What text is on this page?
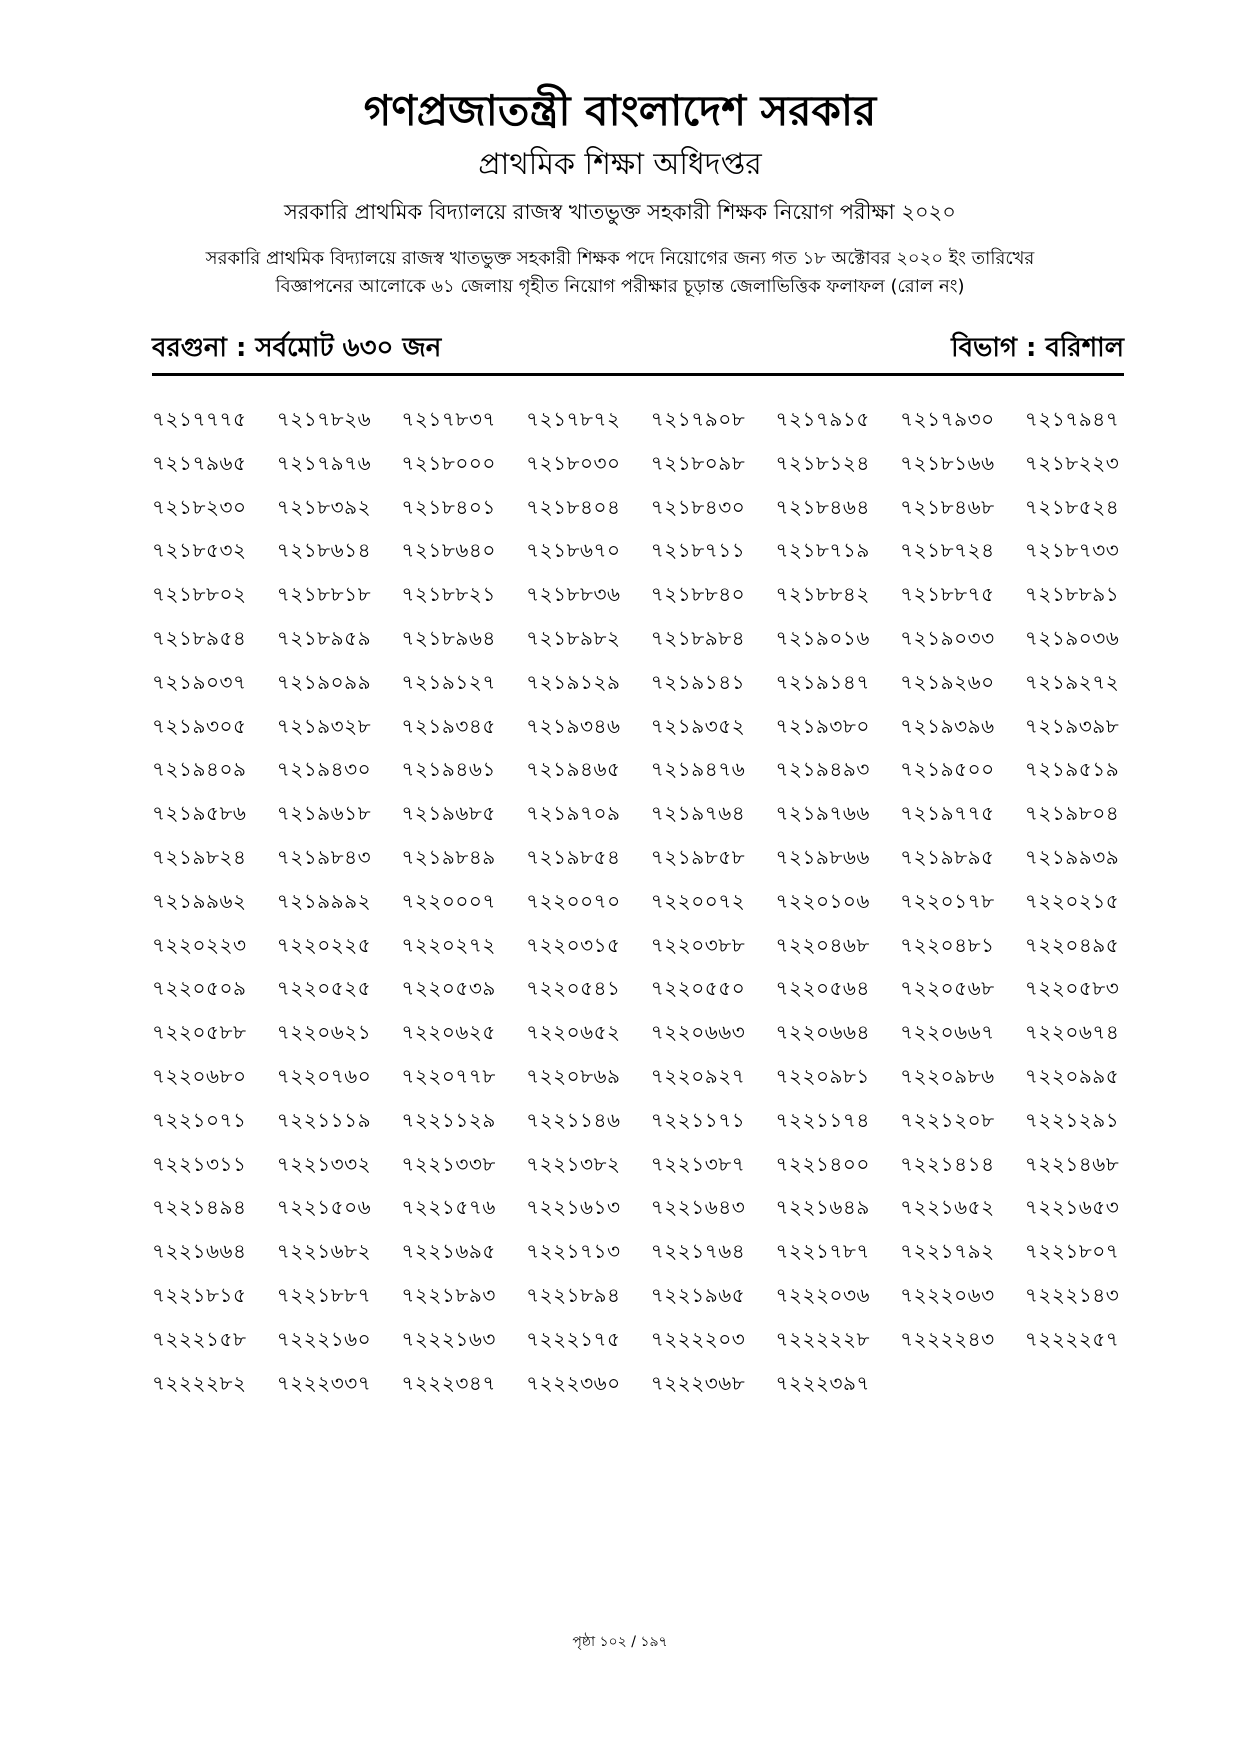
গণপ্রজাতন্ত্রী বাংলাদেশ সরকার
প্রাথমিক শিক্ষা অধিদপ্তর
সরকারি প্রাথমিক বিদ্যালয়ে রাজস্ব খাতভুক্ত সহকারী শিক্ষক নিয়োগ পরীক্ষা ২০২০
সরকারি প্রাথমিক বিদ্যালয়ে রাজস্ব খাতভুক্ত সহকারী শিক্ষক পদে নিয়োগের জন্য গত ১৮ অক্টোবর ২০২০ ইং তারিখের
বিজ্ঞাপনের আলোকে ৬১ জেলায় গৃহীত নিয়োগ পরীক্ষার চূড়ান্ত জেলাভিত্তিক ফলাফল (রোল নং)
বরগুনা : সর্বমোট ৬৩০ জন	বিভাগ : বরিশাল
৭২১৭৭৭৫	৭২১৭৮২৬	৭২১৭৮৩৭	৭২১৭৮৭২	৭২১৭৯০৮	৭২১৭৯১৫	৭২১৭৯৩০	৭২১৭৯৪৭
৭২১৭৯৬৫	৭২১৭৯৭৬	৭২১৮০০০	৭২১৮০৩০	৭২১৮০৯৮	৭২১৮১২৪	৭২১৮১৬৬	৭২১৮২২৩
৭২১৮২৩০	৭২১৮৩৯২	৭২১৮৪০১	৭২১৮৪০৪	৭২১৮৪৩০	৭২১৮৪৬৪	৭২১৮৪৬৮	৭২১৮৫২৪
৭২১৮৫৩২	৭২১৮৬১৪	৭২১৮৬৪০	৭২১৮৬৭০	৭২১৮৭১১	৭২১৮৭১৯	৭২১৮৭২৪	৭২১৮৭৩৩
৭২১৮৮০২	৭২১৮৮১৮	৭২১৮৮২১	৭২১৮৮৩৬	৭২১৮৮৪০	৭২১৮৮৪২	৭২১৮৮৭৫	৭২১৮৮৯১
৭২১৮৯৫৪	৭২১৮৯৫৯	৭২১৮৯৬৪	৭২১৮৯৮২	৭২১৮৯৮৪	৭২১৯০১৬	৭২১৯০৩৩	৭২১৯০৩৬
৭২১৯০৩৭	৭২১৯০৯৯	৭২১৯১২৭	৭২১৯১২৯	৭২১৯১৪১	৭২১৯১৪৭	৭২১৯২৬০	৭২১৯২৭২
৭২১৯৩০৫	৭২১৯৩২৮	৭২১৯৩৪৫	৭২১৯৩৪৬	৭২১৯৩৫২	৭২১৯৩৮০	৭২১৯৩৯৬	৭২১৯৩৯৮
৭২১৯৪০৯	৭২১৯৪৩০	৭২১৯৪৬১	৭২১৯৪৬৫	৭২১৯৪৭৬	৭২১৯৪৯৩	৭২১৯৫০০	৭২১৯৫১৯
৭২১৯৫৮৬	৭২১৯৬১৮	৭২১৯৬৮৫	৭২১৯৭০৯	৭২১৯৭৬৪	৭২১৯৭৬৬	৭২১৯৭৭৫	৭২১৯৮০৪
৭২১৯৮২৪	৭২১৯৮৪৩	৭২১৯৮৪৯	৭২১৯৮৫৪	৭২১৯৮৫৮	৭২১৯৮৬৬	৭২১৯৮৯৫	৭২১৯৯৩৯
৭২১৯৯৬২	৭২১৯৯৯২	৭২২০০০৭	৭২২০০৭০	৭২২০০৭২	৭২২০১০৬	৭২২০১৭৮	৭২২০২১৫
৭২২০২২৩	৭২২০২২৫	৭২২০২৭২	৭২২০৩১৫	৭২২০৩৮৮	৭২২০৪৬৮	৭২২০৪৮১	৭২২০৪৯৫
৭২২০৫০৯	৭২২০৫২৫	৭২২০৫৩৯	৭২২০৫৪১	৭২২০৫৫০	৭২২০৫৬৪	৭২২০৫৬৮	৭২২০৫৮৩
৭২২০৫৮৮	৭২২০৬২১	৭২২০৬২৫	৭২২০৬৫২	৭২২০৬৬৩	৭২২০৬৬৪	৭২২০৬৬৭	৭২২০৬৭৪
৭২২০৬৮০	৭২২০৭৬০	৭২২০৭৭৮	৭২২০৮৬৯	৭২২০৯২৭	৭২২০৯৮১	৭২২০৯৮৬	৭২২০৯৯৫
৭২২১০৭১	৭২২১১১৯	৭২২১১২৯	৭২২১১৪৬	৭২২১১৭১	৭২২১১৭৪	৭২২১২০৮	৭২২১২৯১
৭২২১৩১১	৭২২১৩৩২	৭২২১৩৩৮	৭২২১৩৮২	৭২২১৩৮৭	৭২২১৪০০	৭২২১৪১৪	৭২২১৪৬৮
৭২২১৪৯৪	৭২২১৫০৬	৭২২১৫৭৬	৭২২১৬১৩	৭২২১৬৪৩	৭২২১৬৪৯	৭২২১৬৫২	৭২২১৬৫৩
৭২২১৬৬৪	৭২২১৬৮২	৭২২১৬৯৫	৭২২১৭১৩	৭২২১৭৬৪	৭২২১৭৮৭	৭২২১৭৯২	৭২২১৮০৭
৭২২১৮১৫	৭২২১৮৮৭	৭২২১৮৯৩	৭২২১৮৯৪	৭২২১৯৬৫	৭২২২০৩৬	৭২২২০৬৩	৭২২২১৪৩
৭২২২১৫৮	৭২২২১৬০	৭২২২১৬৩	৭২২২১৭৫	৭২২২২০৩	৭২২২২২৮	৭২২২২৪৩	৭২২২২৫৭
৭২২২২৮২	৭২২২৩৩৭	৭২২২৩৪৭	৭২২২৩৬০	৭২২২৩৬৮	৭২২২৩৯৭
পৃষ্ঠা ১০২ / ১৯৭
